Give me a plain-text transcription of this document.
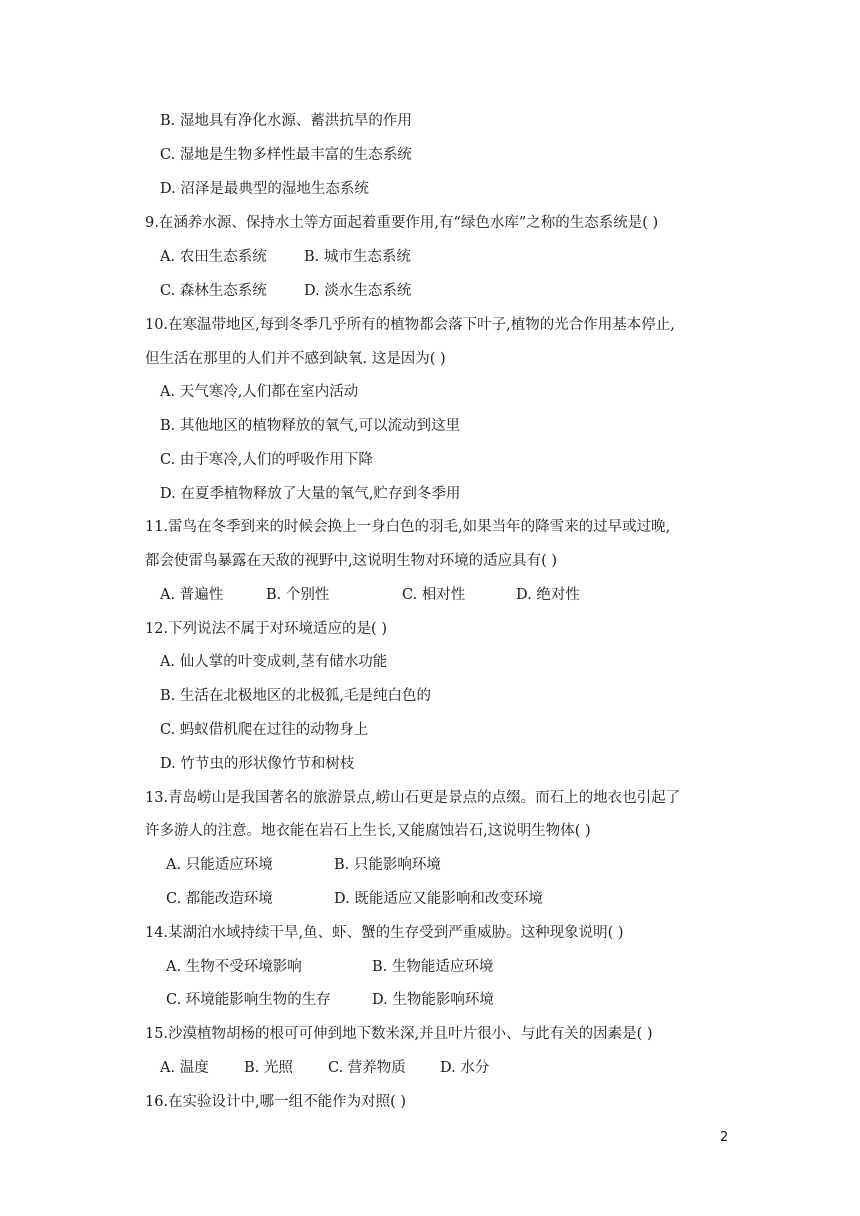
B. 湿地具有净化水源、蓄洪抗旱的作用
C. 湿地是生物多样性最丰富的生态系统
D. 沼泽是最典型的湿地生态系统
9.在涵养水源、保持水土等方面起着重要作用,有“绿色水库”之称的生态系统是( )
A. 农田生态系统	B. 城市生态系统
C. 森林生态系统	D. 淡水生态系统
10.在寒温带地区,每到冬季几乎所有的植物都会落下叶子,植物的光合作用基本停止,
但生活在那里的人们并不感到缺氧. 这是因为( )
A. 天气寒冷,人们都在室内活动
B. 其他地区的植物释放的氧气,可以流动到这里
C. 由于寒冷,人们的呼吸作用下降
D. 在夏季植物释放了大量的氧气,贮存到冬季用
11.雷鸟在冬季到来的时候会换上一身白色的羽毛,如果当年的降雪来的过早或过晚,
都会使雷鸟暴露在天敌的视野中,这说明生物对环境的适应具有( )
A. 普遍性	B. 个别性	C. 相对性	D. 绝对性
12.下列说法不属于对环境适应的是( )
A. 仙人掌的叶变成刺,茎有储水功能
B. 生活在北极地区的北极狐,毛是纯白色的
C. 蚂蚁借机爬在过往的动物身上
D. 竹节虫的形状像竹节和树枝
13.青岛崂山是我国著名的旅游景点,崂山石更是景点的点缀。而石上的地衣也引起了
许多游人的注意。地衣能在岩石上生长,又能腐蚀岩石,这说明生物体( )
A. 只能适应环境	B. 只能影响环境
C. 都能改造环境	D. 既能适应又能影响和改变环境
14.某湖泊水域持续干旱,鱼、虾、蟹的生存受到严重威胁。这种现象说明( )
A. 生物不受环境影响	B. 生物能适应环境
C. 环境能影响生物的生存	D. 生物能影响环境
15.沙漠植物胡杨的根可可伸到地下数米深,并且叶片很小、与此有关的因素是( )
A. 温度 B. 光照 C. 营养物质 D. 水分
16.在实验设计中,哪一组不能作为对照( )
2
